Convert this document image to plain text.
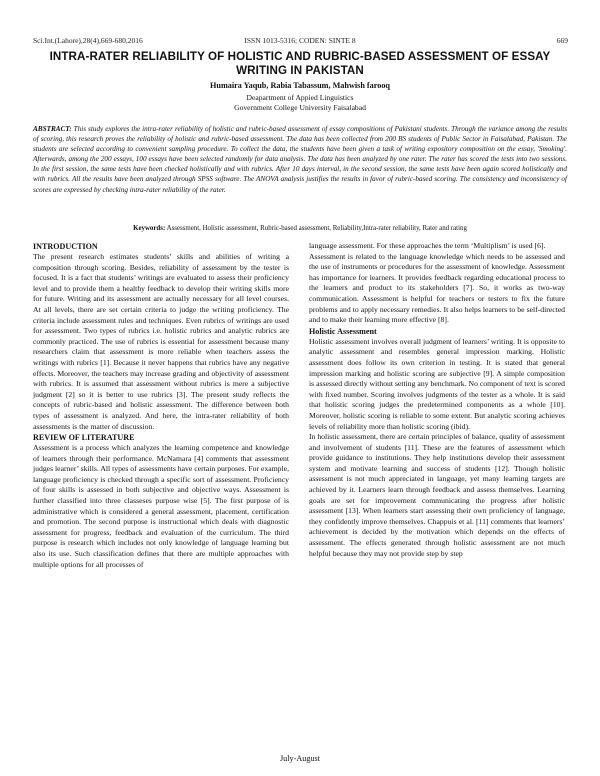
Sci.Int.(Lahore),28(4),669-680,2016	ISSN 1013-5316; CODEN: SINTE 8	669
INTRA-RATER RELIABILITY OF HOLISTIC AND RUBRIC-BASED ASSESSMENT OF ESSAY WRITING IN PAKISTAN
Humaira Yaqub, Rabia Tabassum, Mahwish farooq
Deapartment of Appied Linguistics
Government College University Faisalabad
ABSTRACT: This study explores the intra-rater reliability of holistic and rubric-based assessment of essay compositions of Pakistani students. Through the variance among the results of scoring, this research proves the reliability of holistic and rubric-based assessment. The data has been collected from 200 BS students of Public Sector in Faisalabad, Pakistan. The students are selected according to convenient sampling procedure. To collect the data, the students have been given a task of writing expository composition on the essay, 'Smoking'. Afterwards, among the 200 essays, 100 essays have been selected randomly for data analysis. The data has been analyzed by one rater. The rater has scored the tests into two sessions. In the first session, the same tests have been checked holistically and with rubrics. After 10 days interval, in the second session, the same tests have been again scored holistically and with rubrics. All the results have been analyzed through SPSS software. The ANOVA analysis justifies the results in favor of rubric-based scoring. The consistency and inconsistency of scores are expressed by checking intra-rater reliability of the rater.
Keywords: Assessment, Holistic assessment, Rubric-based assessment, Reliability,Intra-rater reliability, Rater and rating
INTRODUCTION

The present research estimates students’ skills and abilities of writing a composition through scoring. Besides, reliability of assessment by the tester is focused. It is a fact that students’ writings are evaluated to assess their proficiency level and to provide them a healthy feedback to develop their writing skills more for future. Writing and its assessment are actually necessary for all level courses. At all levels, there are set certain criteria to judge the writing proficiency. The criteria include assessment rules and techniques. Even rubrics of writings are used for assessment. Two types of rubrics i.e. holistic rubrics and analytic rubrics are commonly practiced. The use of rubrics is essential for assessment because many researchers claim that assessment is more reliable when teachers assess the writings with rubrics [1]. Because it never happens that rubrics have any negative effects. Moreover, the teachers may increase grading and objectivity of assessment with rubrics. It is assumed that assessment without rubrics is mere a subjective judgment [2] so it is better to use rubrics [3]. The present study reflects the concepts of rubric-based and holistic assessment. The difference between both types of assessment is analyzed. And here, the intra-rater reliability of both assessments is the matter of discussion.

REVIEW OF LITERATURE

Assessment is a process which analyzes the learning competence and knowledge of learners through their performance. McNamara [4] comments that assessment judges learner’ skills. All types of assessments have certain purposes. For example, language proficiency is checked through a specific sort of assessment. Proficiency of four skills is assessed in both subjective and objective ways. Assessment is further classified into three classeses purpose wise [5]. The first purpose of is administrative which is considered a general assessment, placement, certification and promotion. The second purpose is instructional which deals with diagnostic assessment for progress, feedback and evaluation of the curriculum. The third purpose is research which includes not only knowledge of language learning but also its use. Such classification defines that there are multiple approaches with multiple options for all processes of

language assessment. For these approaches the term ‘Multiplism’ is used [6].

Assessment is related to the language knowledge which needs to be assessed and the use of instruments or procedures for the assessment of knowledge. Assessment has importance for learners. It provides feedback regarding educational process to the learners and product to its stakeholders [7]. So, it works as two-way communication. Assessment is helpful for teachers or testers to fix the future problems and to apply necessary remedies. It also helps learners to be self-directed and to make their learning more effective [8].

Holistic Assessment

Holistic assessment involves overall judgment of learners’ writing. It is opposite to analytic assessment and resembles general impression marking. Holistic assessment does follow its own criterion in testing. It is stated that general impression marking and holistic scoring are subjective [9]. A simple composition is assessed directly without setting any benchmark. No component of text is scored with fixed number. Scoring involves judgments of the tester as a whole. It is said that holistic scoring judges the predetermined components as a whole [10]. Moreover, holistic scoring is reliable to some extent. But analytic scoring achieves levels of reliability more than holistic scoring (ibid).

In holistic assessment, there are certain principles of balance, quality of assessment and involvement of students [11]. These are the features of assessment which provide guidance to institutions. They help institutions develop their assessment system and motivate learning and success of students [12]. Though holistic assessment is not much appreciated in language, yet many learning targets are achieved by it. Learners learn through feedback and assess themselves. Learning goals are set for improvement communicating the progress after holistic assessment [13]. When learners start assessing their own proficiency of language, they confidently improve themselves. Chappuis et al. [11] comments that learners’ achievement is decided by the motivation which depends on the effects of assessment. The effects generated through holistic assessment are not much helpful because they may not provide step by step

July-August
